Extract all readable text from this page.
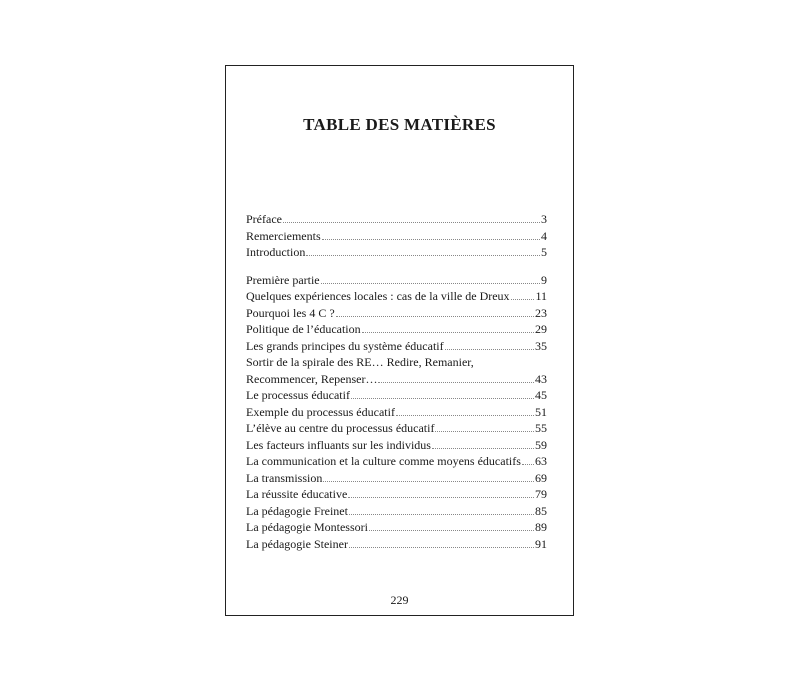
TABLE DES MATIÈRES
Préface	3
Remerciements	4
Introduction	5
Première partie	9
Quelques expériences locales : cas de la ville de Dreux 11
Pourquoi les 4 C ?	23
Politique de l’éducation	29
Les grands principes du système éducatif	35
Sortir de la spirale des RE… Redire, Remanier,
Recommencer, Repenser…	43
Le processus éducatif	45
Exemple du processus éducatif	51
L’élève au centre du processus éducatif	55
Les facteurs influants sur les individus	59
La communication et la culture comme moyens éducatifs 63
La transmission	69
La réussite éducative	79
La pédagogie Freinet	85
La pédagogie Montessori	89
La pédagogie Steiner	91
229
